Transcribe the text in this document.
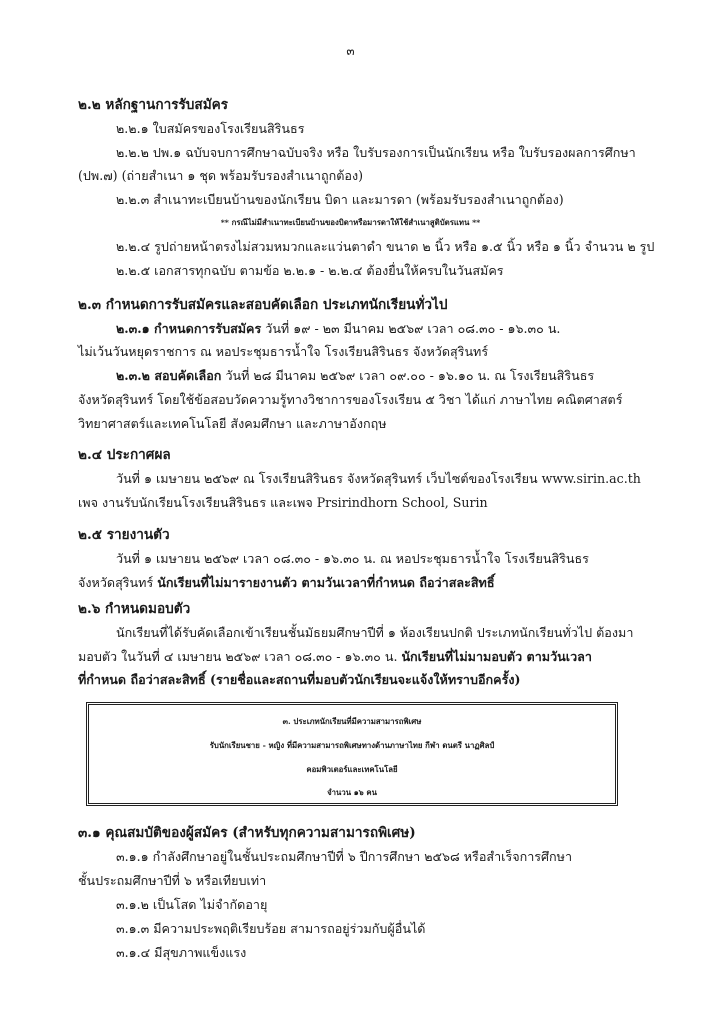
๓
๒.๒ หลักฐานการรับสมัคร
๒.๒.๑ ใบสมัครของโรงเรียนสิรินธร
๒.๒.๒ ปพ.๑ ฉบับจบการศึกษาฉบับจริง หรือ ใบรับรองการเป็นนักเรียน หรือ ใบรับรองผลการศึกษา
(ปพ.๗) (ถ่ายสำเนา ๑ ชุด พร้อมรับรองสำเนาถูกต้อง)
๒.๒.๓ สำเนาทะเบียนบ้านของนักเรียน บิดา และมารดา (พร้อมรับรองสำเนาถูกต้อง)
** กรณีไม่มีสำเนาทะเบียนบ้านของบิดาหรือมารดาให้ใช้สำเนาสูติบัตรแทน **
๒.๒.๔ รูปถ่ายหน้าตรงไม่สวมหมวกและแว่นตาดำ ขนาด ๒ นิ้ว หรือ ๑.๕ นิ้ว หรือ ๑ นิ้ว จำนวน ๒ รูป
๒.๒.๕ เอกสารทุกฉบับ ตามข้อ ๒.๒.๑ - ๒.๒.๔ ต้องยื่นให้ครบในวันสมัคร
๒.๓ กำหนดการรับสมัครและสอบคัดเลือก ประเภทนักเรียนทั่วไป
๒.๓.๑ กำหนดการรับสมัคร วันที่ ๑๙ - ๒๓ มีนาคม ๒๕๖๙ เวลา ๐๘.๓๐ - ๑๖.๓๐ น.
ไม่เว้นวันหยุดราชการ ณ หอประชุมธารน้ำใจ โรงเรียนสิรินธร จังหวัดสุรินทร์
๒.๓.๒ สอบคัดเลือก วันที่ ๒๘ มีนาคม ๒๕๖๙ เวลา ๐๙.๐๐ - ๑๖.๑๐ น. ณ โรงเรียนสิรินธร
จังหวัดสุรินทร์ โดยใช้ข้อสอบวัดความรู้ทางวิชาการของโรงเรียน ๕ วิชา ได้แก่ ภาษาไทย คณิตศาสตร์
วิทยาศาสตร์และเทคโนโลยี สังคมศึกษา และภาษาอังกฤษ
๒.๔ ประกาศผล
วันที่ ๑ เมษายน ๒๕๖๙ ณ โรงเรียนสิรินธร จังหวัดสุรินทร์ เว็บไซต์ของโรงเรียน www.sirin.ac.th
เพจ งานรับนักเรียนโรงเรียนสิรินธร และเพจ Prsirindhorn School, Surin
๒.๕ รายงานตัว
วันที่ ๑ เมษายน ๒๕๖๙ เวลา ๐๘.๓๐ - ๑๖.๓๐ น. ณ หอประชุมธารน้ำใจ โรงเรียนสิรินธร
จังหวัดสุรินทร์ นักเรียนที่ไม่มารายงานตัว ตามวันเวลาที่กำหนด ถือว่าสละสิทธิ์
๒.๖ กำหนดมอบตัว
นักเรียนที่ได้รับคัดเลือกเข้าเรียนชั้นมัธยมศึกษาปีที่ ๑ ห้องเรียนปกติ ประเภทนักเรียนทั่วไป ต้องมา
มอบตัว ในวันที่ ๔ เมษายน ๒๕๖๙ เวลา ๐๘.๓๐ - ๑๖.๓๐ น. นักเรียนที่ไม่มามอบตัว ตามวันเวลา
ที่กำหนด ถือว่าสละสิทธิ์ (รายชื่อและสถานที่มอบตัวนักเรียนจะแจ้งให้ทราบอีกครั้ง)
๓. ประเภทนักเรียนที่มีความสามารถพิเศษ
รับนักเรียนชาย - หญิง ที่มีความสามารถพิเศษทางด้านภาษาไทย กีฬา ดนตรี นาฏศิลป์
คอมพิวเตอร์และเทคโนโลยี
จำนวน ๑๖ คน
๓.๑ คุณสมบัติของผู้สมัคร (สำหรับทุกความสามารถพิเศษ)
๓.๑.๑ กำลังศึกษาอยู่ในชั้นประถมศึกษาปีที่ ๖ ปีการศึกษา ๒๕๖๘ หรือสำเร็จการศึกษา
ชั้นประถมศึกษาปีที่ ๖ หรือเทียบเท่า
๓.๑.๒ เป็นโสด ไม่จำกัดอายุ
๓.๑.๓ มีความประพฤติเรียบร้อย สามารถอยู่ร่วมกับผู้อื่นได้
๓.๑.๔ มีสุขภาพแข็งแรง
